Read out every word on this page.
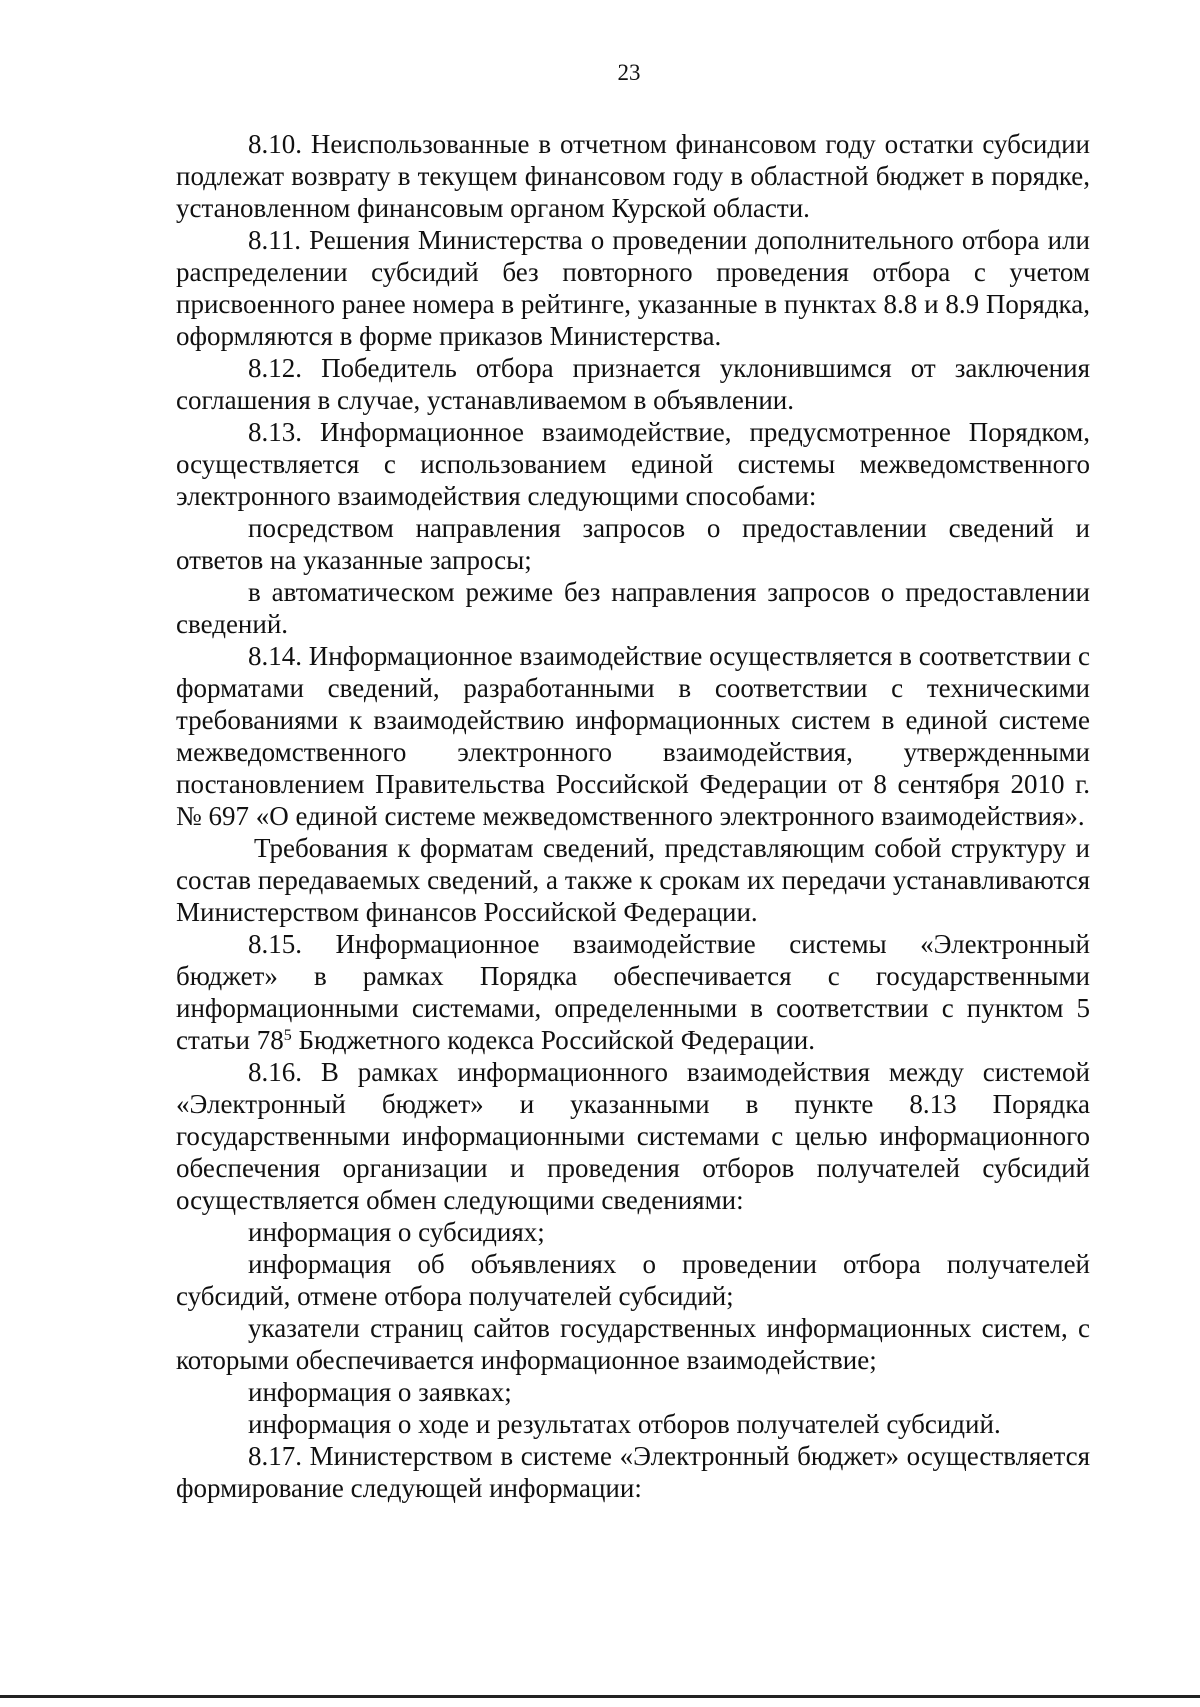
23

8.10. Неиспользованные в отчетном финансовом году остатки субсидии подлежат возврату в текущем финансовом году в областной бюджет в порядке, установленном финансовым органом Курской области.

8.11. Решения Министерства о проведении дополнительного отбора или распределении субсидий без повторного проведения отбора с учетом присвоенного ранее номера в рейтинге, указанные в пунктах 8.8 и 8.9 Порядка, оформляются в форме приказов Министерства.

8.12. Победитель отбора признается уклонившимся от заключения соглашения в случае, устанавливаемом в объявлении.

8.13. Информационное взаимодействие, предусмотренное Порядком, осуществляется с использованием единой системы межведомственного электронного взаимодействия следующими способами:

посредством направления запросов о предоставлении сведений и ответов на указанные запросы;

в автоматическом режиме без направления запросов о предоставлении сведений.

8.14. Информационное взаимодействие осуществляется в соответствии с форматами сведений, разработанными в соответствии с техническими требованиями к взаимодействию информационных систем в единой системе межведомственного электронного взаимодействия, утвержденными постановлением Правительства Российской Федерации от 8 сентября 2010 г. № 697 «О единой системе межведомственного электронного взаимодействия».

Требования к форматам сведений, представляющим собой структуру и состав передаваемых сведений, а также к срокам их передачи устанавливаются Министерством финансов Российской Федерации.

8.15. Информационное взаимодействие системы «Электронный бюджет» в рамках Порядка обеспечивается с государственными информационными системами, определенными в соответствии с пунктом 5 статьи $78^5$ Бюджетного кодекса Российской Федерации.

8.16. В рамках информационного взаимодействия между системой «Электронный бюджет» и указанными в пункте 8.13 Порядка государственными информационными системами с целью информационного обеспечения организации и проведения отборов получателей субсидий осуществляется обмен следующими сведениями:

информация о субсидиях;

информация об объявлениях о проведении отбора получателей субсидий, отмене отбора получателей субсидий;

указатели страниц сайтов государственных информационных систем, с которыми обеспечивается информационное взаимодействие;

информация о заявках;

информация о ходе и результатах отборов получателей субсидий.

8.17. Министерством в системе «Электронный бюджет» осуществляется формирование следующей информации:
